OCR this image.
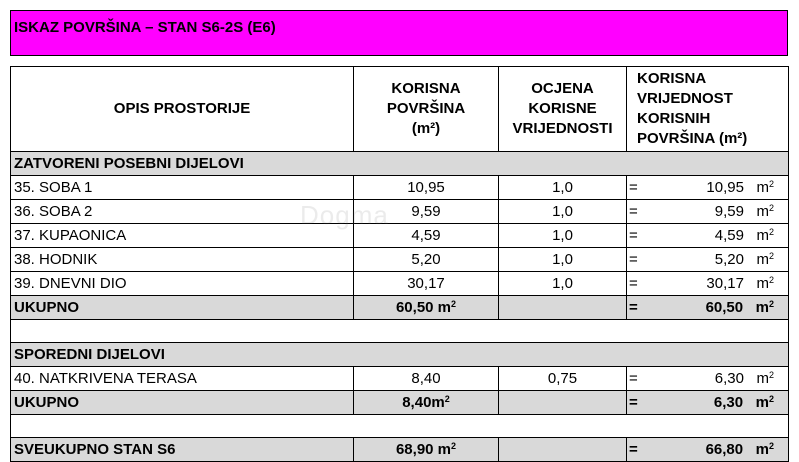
ISKAZ POVRŠINA – STAN S6-2S (E6)
OPIS PROSTORIJE	KORISNA
POVRŠINA
(m²)	OCJENA
KORISNE
VRIJEDNOSTI	KORISNA
VRIJEDNOST
KORISNIH
POVRŠINA (m²)	
ZATVORENI POSEBNI DIJELOVI				
35. SOBA 1	10,95	1,0	=	10,95 $m^2$
36. SOBA 2	9,59	1,0	=	9,59 $m^2$
37. KUPAONICA	4,59	1,0	=	4,59 $m^2$
38. HODNIK	5,20	1,0	=	5,20 $m^2$
39. DNEVNI DIO	30,17	1,0	=	30,17 $m^2$
UKUPNO	60,50 $m^2$		=	60,50 $m^2$

SPOREDNI DIJELOVI				
40. NATKRIVENA TERASA	8,40	0,75	=	6,30 $m^2$
UKUPNO	$8,40m^2$		=	6,30 $m^2$

SVEUKUPNO STAN S6	68,90 $m^2$		=	66,80 $m^2$
Dogma
